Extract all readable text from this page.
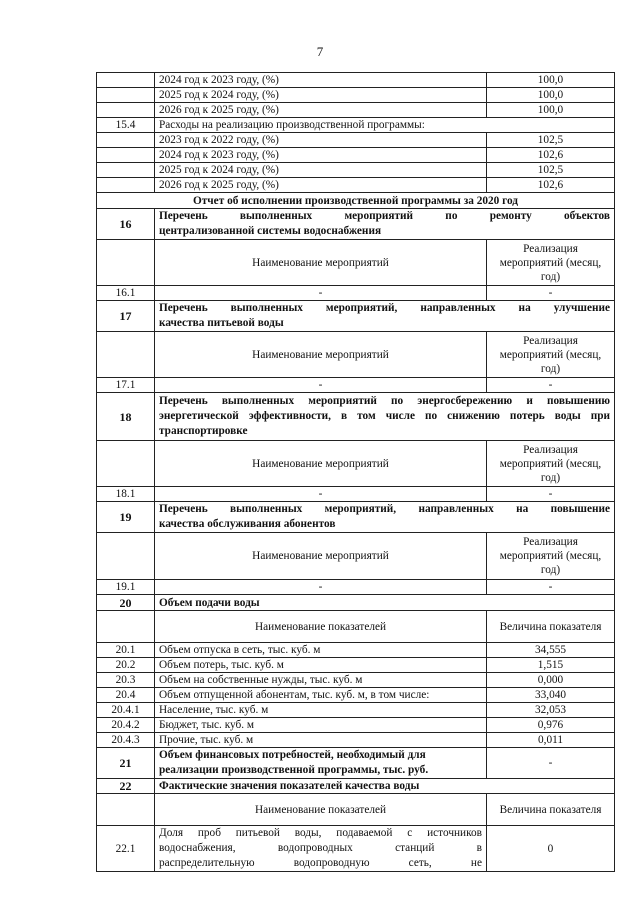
7
	2024 год к 2023 году, (%)	100,0
	2025 год к 2024 году, (%)	100,0
	2026 год к 2025 году, (%)	100,0
15.4	Расходы на реализацию производственной программы:	
	2023 год к 2022 году, (%)	102,5
	2024 год к 2023 году, (%)	102,6
	2025 год к 2024 году, (%)	102,5
	2026 год к 2025 году, (%)	102,6
Отчет об исполнении производственной программы за 2020 год		
16	Перечень выполненных мероприятий по ремонту объектов
централизованной системы водоснабжения	

	Наименование мероприятий	Реализация мероприятий (месяц, год)
16.1	-	-
17	Перечень выполненных мероприятий, направленных на улучшение
качества питьевой воды	

	Наименование мероприятий	Реализация мероприятий (месяц, год)
17.1	-	-
18	Перечень выполненных мероприятий по энергосбережению и повышению
энергетической эффективности, в том числе по снижению потерь воды при
транспортировке	

	Наименование мероприятий	Реализация мероприятий (месяц, год)
18.1	-	-
19	Перечень выполненных мероприятий, направленных на повышение
качества обслуживания абонентов	

	Наименование мероприятий	Реализация мероприятий (месяц, год)
19.1	-	-
20	Объем подачи воды	
	Наименование показателей	Величина показателя
20.1	Объем отпуска в сеть, тыс. куб. м	34,555
20.2	Объем потерь, тыс. куб. м	1,515
20.3	Объем на собственные нужды, тыс. куб. м	0,000
20.4	Объем отпущенной абонентам, тыс. куб. м, в том числе:	33,040
20.4.1	Население, тыс. куб. м	32,053
20.4.2	Бюджет, тыс. куб. м	0,976
20.4.3	Прочие, тыс. куб. м	0,011
21	Объем финансовых потребностей, необходимый для
реализации производственной программы, тыс. руб.	-
22	Фактические значения показателей качества воды	
	Наименование показателей	Величина показателя
22.1	Доля проб питьевой воды, подаваемой с источников
водоснабжения, водопроводных станций в
распределительную водопроводную сеть, не	0
